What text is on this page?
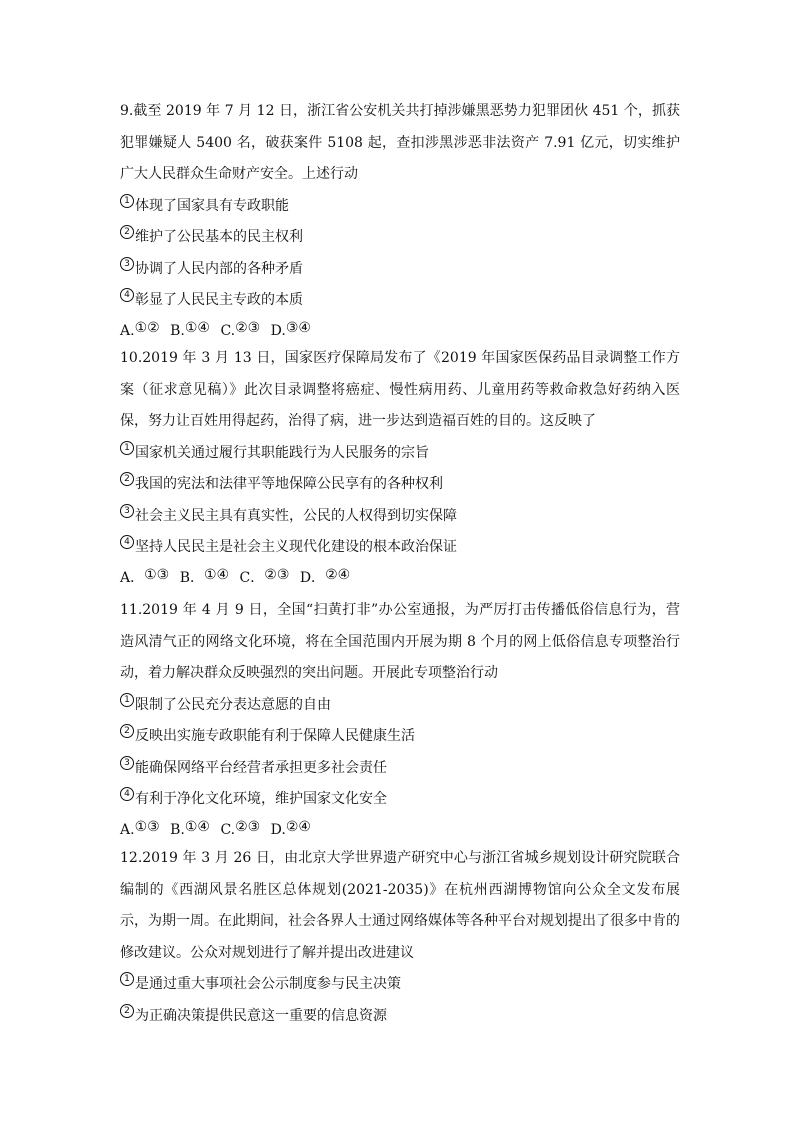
9.截至 2019 年 7 月 12 日，浙江省公安机关共打掉涉嫌黑恶势力犯罪团伙 451 个，抓获犯罪嫌疑人 5400 名，破获案件 5108 起，查扣涉黑涉恶非法资产 7.91 亿元，切实维护广大人民群众生命财产安全。上述行动

1 体现了国家具有专政职能
2 维护了公民基本的民主权利
3 协调了人民内部的各种矛盾
4 彰显了人民民主专政的本质
A.①② B.①④ C.②③ D.③④

10.2019 年 3 月 13 日，国家医疗保障局发布了《2019 年国家医保药品目录调整工作方案（征求意见稿）》此次目录调整将癌症、慢性病用药、儿童用药等救命救急好药纳入医保，努力让百姓用得起药，治得了病，进一步达到造福百姓的目的。这反映了

1 国家机关通过履行其职能践行为人民服务的宗旨
2 我国的宪法和法律平等地保障公民享有的各种权利
3 社会主义民主具有真实性，公民的人权得到切实保障
4 坚持人民民主是社会主义现代化建设的根本政治保证
A．①③ B．①④ C．②③ D．②④

11.2019 年 4 月 9 日，全国“扫黄打非”办公室通报，为严厉打击传播低俗信息行为，营造风清气正的网络文化环境，将在全国范围内开展为期 8 个月的网上低俗信息专项整治行动，着力解决群众反映强烈的突出问题。开展此专项整治行动

1 限制了公民充分表达意愿的自由
2 反映出实施专政职能有利于保障人民健康生活
3 能确保网络平台经营者承担更多社会责任
4 有利于净化文化环境，维护国家文化安全
A.①③ B.①④ C.②③ D.②④

12.2019 年 3 月 26 日，由北京大学世界遗产研究中心与浙江省城乡规划设计研究院联合编制的《西湖风景名胜区总体规划(2021-2035)》在杭州西湖博物馆向公众全文发布展示，为期一周。在此期间，社会各界人士通过网络媒体等各种平台对规划提出了很多中肯的修改建议。公众对规划进行了解并提出改进建议

1 是通过重大事项社会公示制度参与民主决策
2 为正确决策提供民意这一重要的信息资源
